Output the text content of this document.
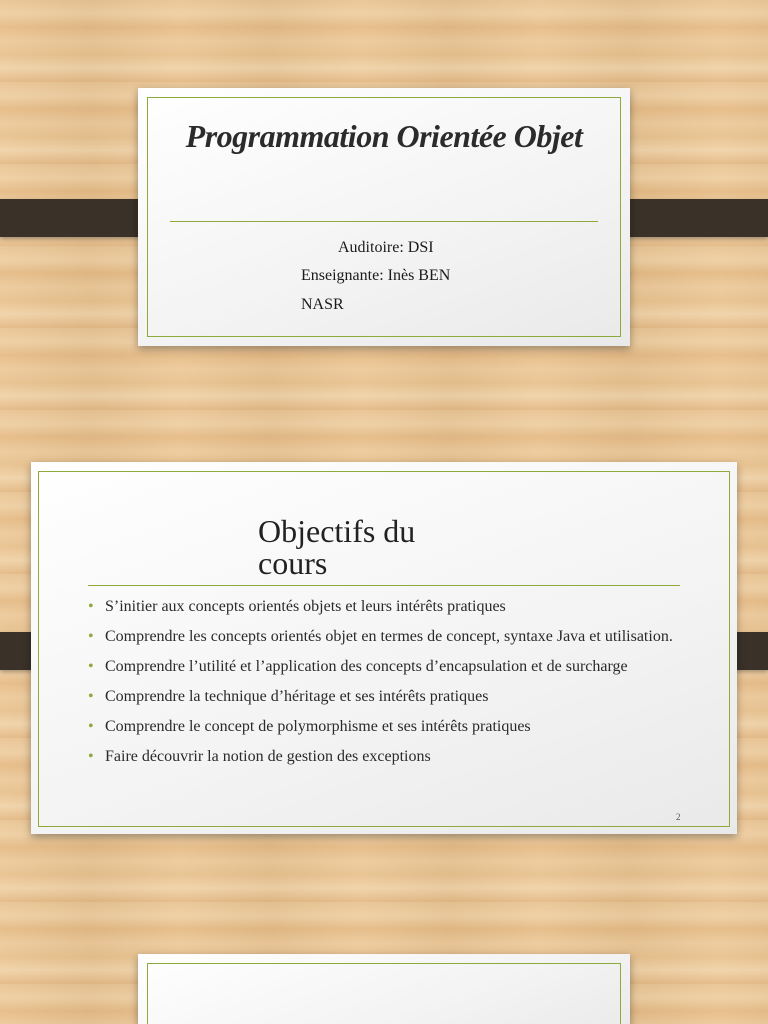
Programmation Orientée Objet
Auditoire: DSI
Enseignante: Inès BEN
NASR
Objectifs du
cours
• S’initier aux concepts orientés objets et leurs intérêts pratiques
• Comprendre les concepts orientés objet en termes de concept, syntaxe Java et utilisation.
• Comprendre l’utilité et l’application des concepts d’encapsulation et de surcharge
• Comprendre la technique d’héritage et ses intérêts pratiques
• Comprendre le concept de polymorphisme et ses intérêts pratiques
• Faire découvrir la notion de gestion des exceptions
2
